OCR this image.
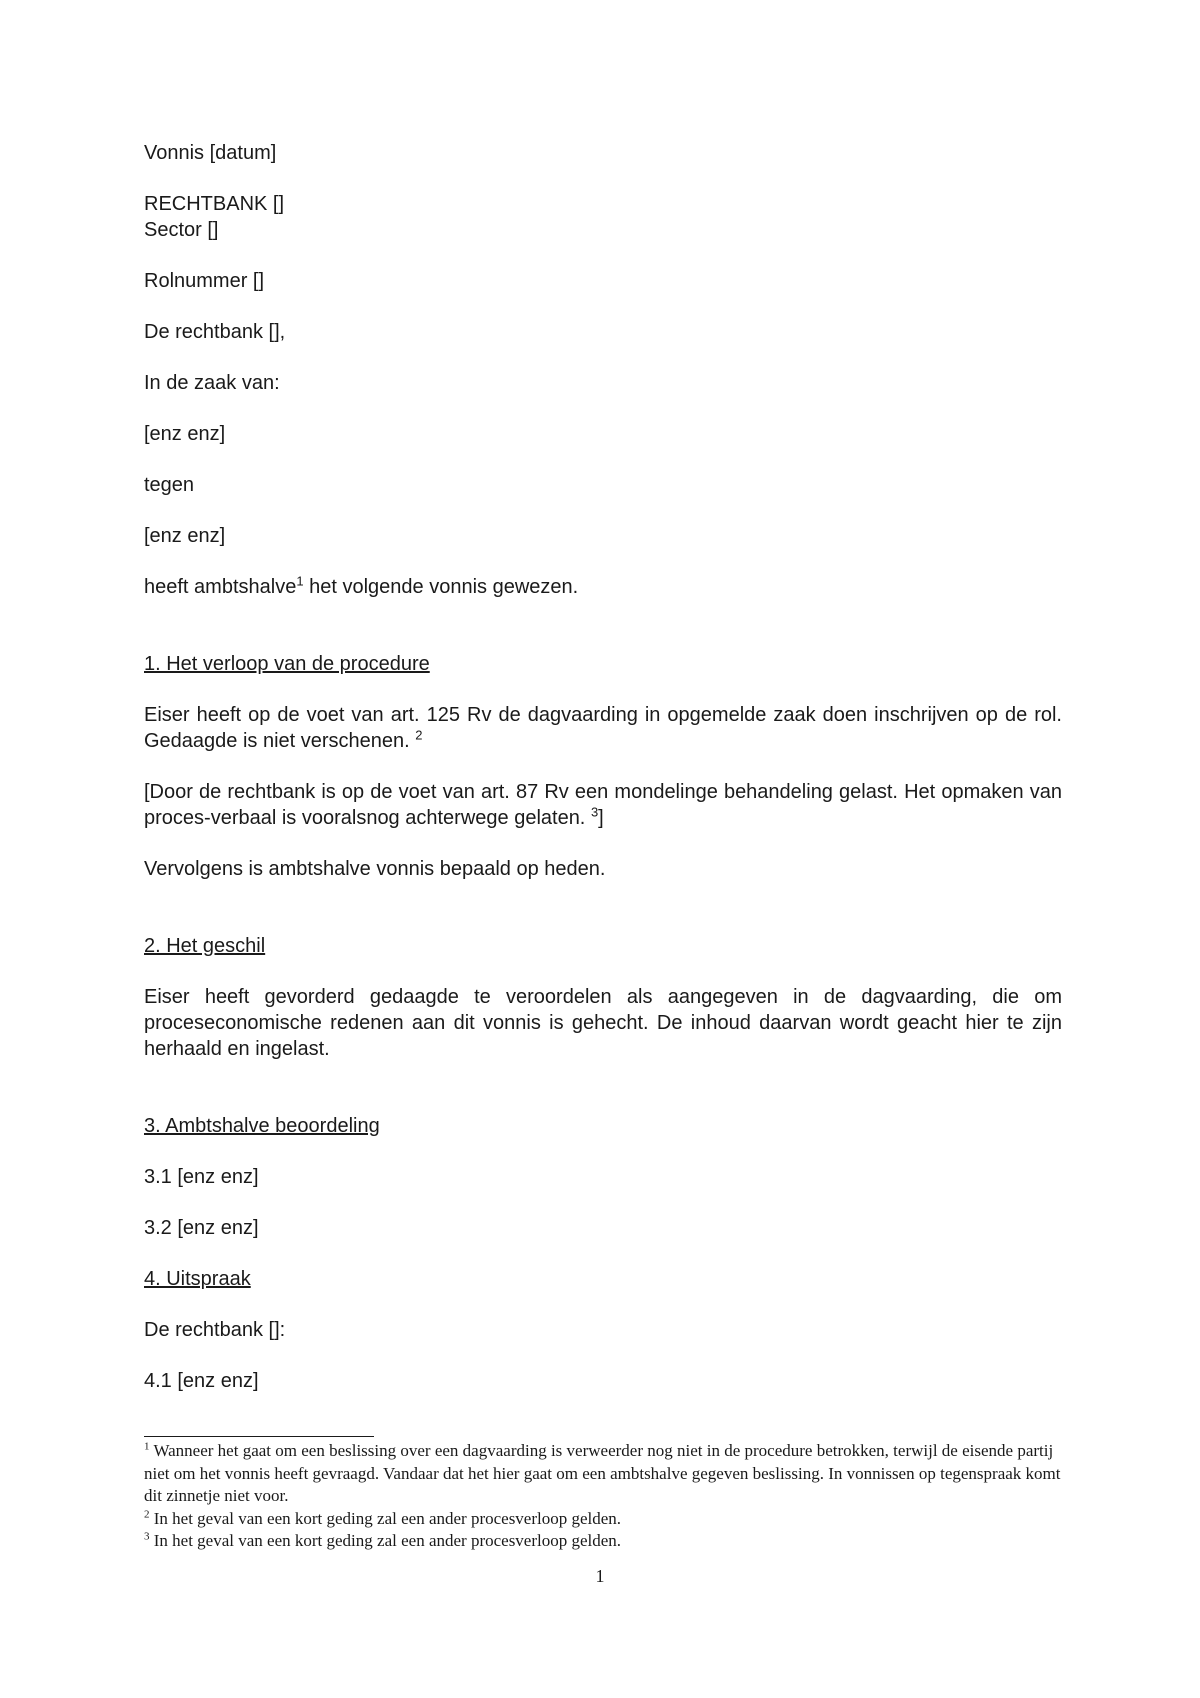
Vonnis [datum]

RECHTBANK []

Sector []

Rolnummer []

De rechtbank [],

In de zaak van:

[enz enz]

tegen

[enz enz]

heeft ambtshalve$^1$ het volgende vonnis gewezen.

1. Het verloop van de procedure

Eiser heeft op de voet van art. 125 Rv de dagvaarding in opgemelde zaak doen inschrijven op de rol. Gedaagde is niet verschenen. $^2$

[Door de rechtbank is op de voet van art. 87 Rv een mondelinge behandeling gelast. Het opmaken van proces-verbaal is vooralsnog achterwege gelaten. $^3$]

Vervolgens is ambtshalve vonnis bepaald op heden.

2. Het geschil

Eiser heeft gevorderd gedaagde te veroordelen als aangegeven in de dagvaarding, die om proceseconomische redenen aan dit vonnis is gehecht. De inhoud daarvan wordt geacht hier te zijn herhaald en ingelast.

3. Ambtshalve beoordeling

3.1 [enz enz]

3.2 [enz enz]

4. Uitspraak

De rechtbank []:

4.1 [enz enz]

$^1$ Wanneer het gaat om een beslissing over een dagvaarding is verweerder nog niet in de procedure betrokken, terwijl de eisende partij niet om het vonnis heeft gevraagd. Vandaar dat het hier gaat om een ambtshalve gegeven beslissing. In vonnissen op tegenspraak komt dit zinnetje niet voor.

$^2$ In het geval van een kort geding zal een ander procesverloop gelden.

$^3$ In het geval van een kort geding zal een ander procesverloop gelden.

1
